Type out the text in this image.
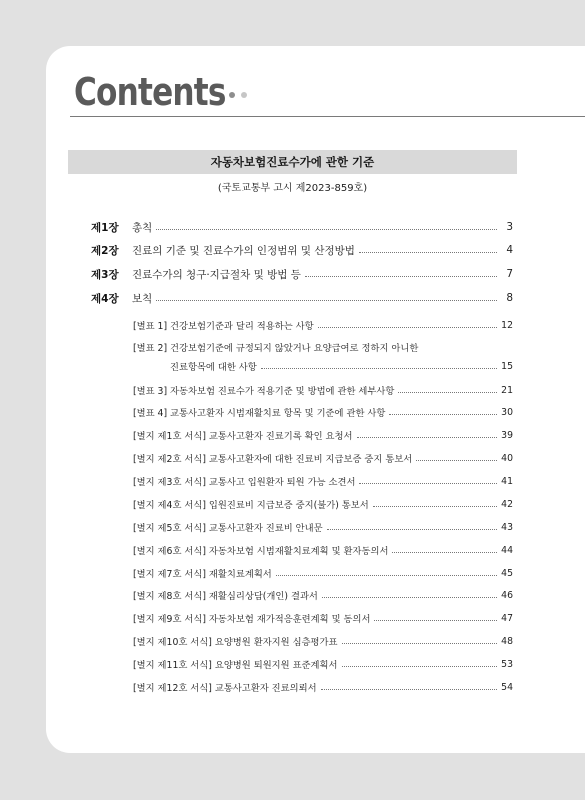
Contents
자동차보험진료수가에 관한 기준
(국토교통부 고시 제2023-859호)
제1장	총칙	3
제2장	진료의 기준 및 진료수가의 인정범위 및 산정방법	4
제3장	진료수가의 청구·지급절차 및 방법 등	7
제4장	보칙	8
[별표 1] 건강보험기준과 달리 적용하는 사항	12
[별표 2] 건강보험기준에 규정되지 않았거나 요양급여로 정하지 아니한
진료항목에 대한 사항	15
[별표 3] 자동차보험 진료수가 적용기준 및 방법에 관한 세부사항	21
[별표 4] 교통사고환자 시범재활치료 항목 및 기준에 관한 사항	30
[별지 제1호 서식] 교통사고환자 진료기록 확인 요청서	39
[별지 제2호 서식] 교통사고환자에 대한 진료비 지급보증 중지 통보서	40
[별지 제3호 서식] 교통사고 입원환자 퇴원 가능 소견서	41
[별지 제4호 서식] 입원진료비 지급보증 중지(불가) 통보서	42
[별지 제5호 서식] 교통사고환자 진료비 안내문	43
[별지 제6호 서식] 자동차보험 시범재활치료계획 및 환자동의서	44
[별지 제7호 서식] 재활치료계획서	45
[별지 제8호 서식] 재활심리상담(개인) 결과서	46
[별지 제9호 서식] 자동차보험 재가적응훈련계획 및 동의서	47
[별지 제10호 서식] 요양병원 환자지원 심층평가표	48
[별지 제11호 서식] 요양병원 퇴원지원 표준계획서	53
[별지 제12호 서식] 교통사고환자 진료의뢰서	54
